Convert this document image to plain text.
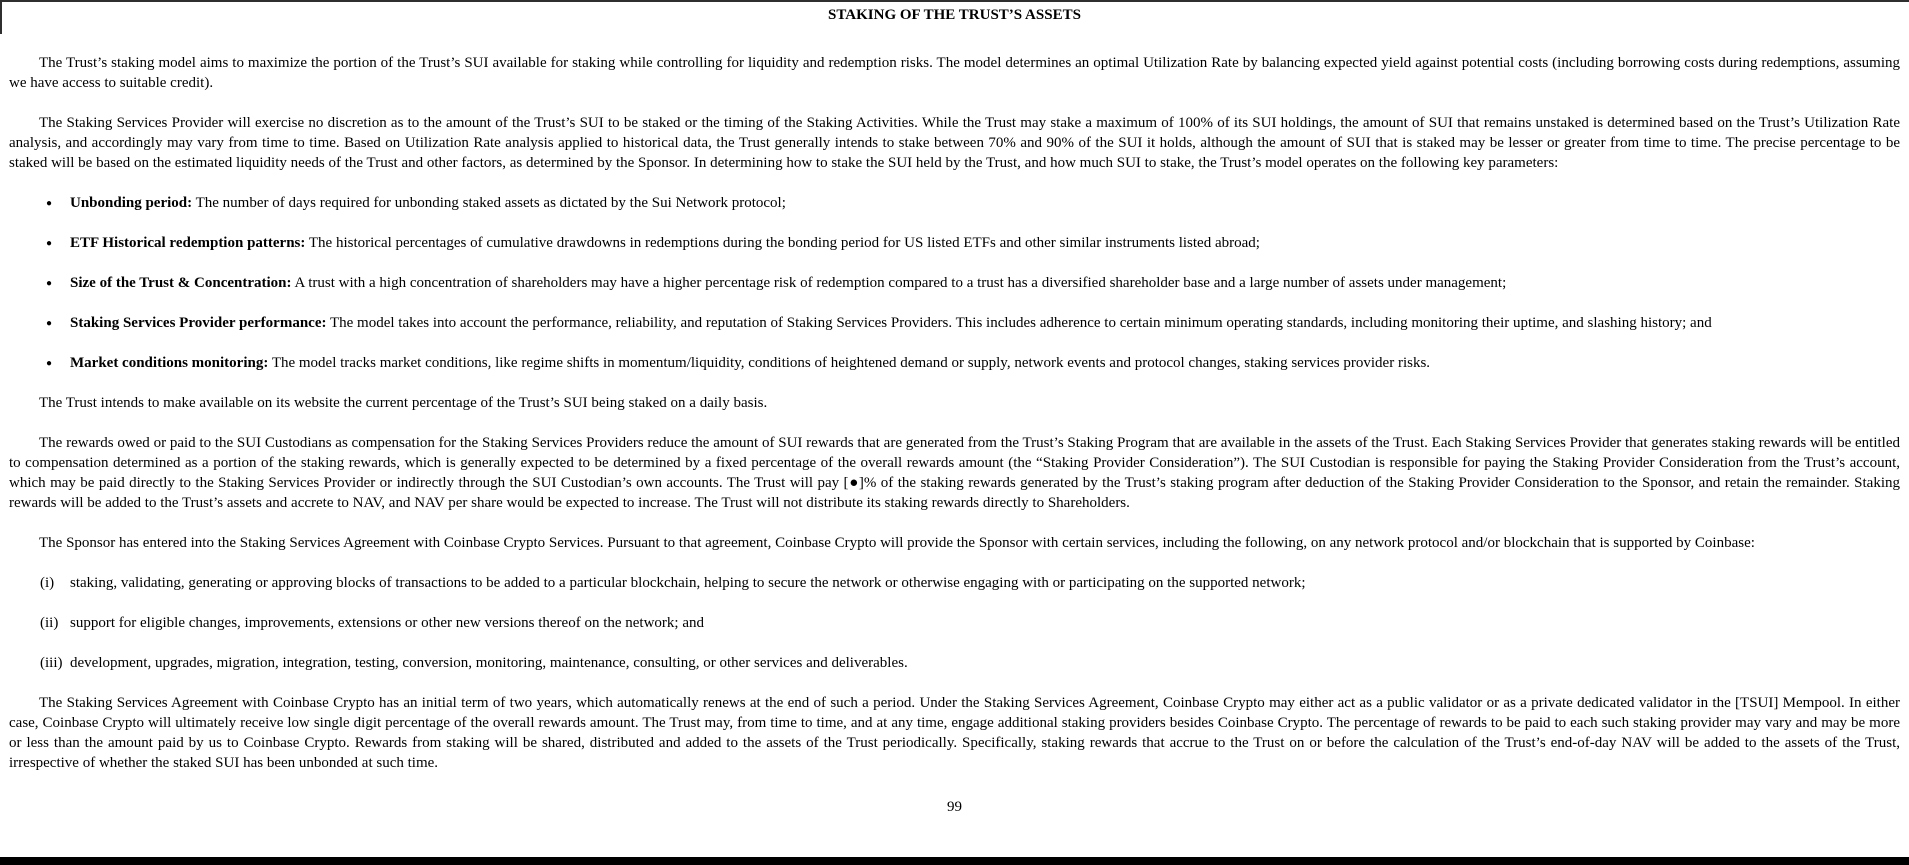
STAKING OF THE TRUST’S ASSETS

The Trust’s staking model aims to maximize the portion of the Trust’s SUI available for staking while controlling for liquidity and redemption risks. The model determines an optimal Utilization Rate by balancing expected yield against potential costs (including borrowing costs during redemptions, assuming we have access to suitable credit).

The Staking Services Provider will exercise no discretion as to the amount of the Trust’s SUI to be staked or the timing of the Staking Activities. While the Trust may stake a maximum of 100% of its SUI holdings, the amount of SUI that remains unstaked is determined based on the Trust’s Utilization Rate analysis, and accordingly may vary from time to time. Based on Utilization Rate analysis applied to historical data, the Trust generally intends to stake between 70% and 90% of the SUI it holds, although the amount of SUI that is staked may be lesser or greater from time to time. The precise percentage to be staked will be based on the estimated liquidity needs of the Trust and other factors, as determined by the Sponsor. In determining how to stake the SUI held by the Trust, and how much SUI to stake, the Trust’s model operates on the following key parameters:

● Unbonding period: The number of days required for unbonding staked assets as dictated by the Sui Network protocol;
● ETF Historical redemption patterns: The historical percentages of cumulative drawdowns in redemptions during the bonding period for US listed ETFs and other similar instruments listed abroad;
● Size of the Trust & Concentration: A trust with a high concentration of shareholders may have a higher percentage risk of redemption compared to a trust has a diversified shareholder base and a large number of assets under management;
● Staking Services Provider performance: The model takes into account the performance, reliability, and reputation of Staking Services Providers. This includes adherence to certain minimum operating standards, including monitoring their uptime, and slashing history; and
● Market conditions monitoring: The model tracks market conditions, like regime shifts in momentum/liquidity, conditions of heightened demand or supply, network events and protocol changes, staking services provider risks.

The Trust intends to make available on its website the current percentage of the Trust’s SUI being staked on a daily basis.

The rewards owed or paid to the SUI Custodians as compensation for the Staking Services Providers reduce the amount of SUI rewards that are generated from the Trust’s Staking Program that are available in the assets of the Trust. Each Staking Services Provider that generates staking rewards will be entitled to compensation determined as a portion of the staking rewards, which is generally expected to be determined by a fixed percentage of the overall rewards amount (the “Staking Provider Consideration”). The SUI Custodian is responsible for paying the Staking Provider Consideration from the Trust’s account, which may be paid directly to the Staking Services Provider or indirectly through the SUI Custodian’s own accounts. The Trust will pay [●]% of the staking rewards generated by the Trust’s staking program after deduction of the Staking Provider Consideration to the Sponsor, and retain the remainder. Staking rewards will be added to the Trust’s assets and accrete to NAV, and NAV per share would be expected to increase. The Trust will not distribute its staking rewards directly to Shareholders.

The Sponsor has entered into the Staking Services Agreement with Coinbase Crypto Services. Pursuant to that agreement, Coinbase Crypto will provide the Sponsor with certain services, including the following, on any network protocol and/or blockchain that is supported by Coinbase:

(i) staking, validating, generating or approving blocks of transactions to be added to a particular blockchain, helping to secure the network or otherwise engaging with or participating on the supported network;
(ii) support for eligible changes, improvements, extensions or other new versions thereof on the network; and
(iii) development, upgrades, migration, integration, testing, conversion, monitoring, maintenance, consulting, or other services and deliverables.

The Staking Services Agreement with Coinbase Crypto has an initial term of two years, which automatically renews at the end of such a period. Under the Staking Services Agreement, Coinbase Crypto may either act as a public validator or as a private dedicated validator in the [TSUI] Mempool. In either case, Coinbase Crypto will ultimately receive low single digit percentage of the overall rewards amount. The Trust may, from time to time, and at any time, engage additional staking providers besides Coinbase Crypto. The percentage of rewards to be paid to each such staking provider may vary and may be more or less than the amount paid by us to Coinbase Crypto. Rewards from staking will be shared, distributed and added to the assets of the Trust periodically. Specifically, staking rewards that accrue to the Trust on or before the calculation of the Trust’s end-of-day NAV will be added to the assets of the Trust, irrespective of whether the staked SUI has been unbonded at such time.

99
